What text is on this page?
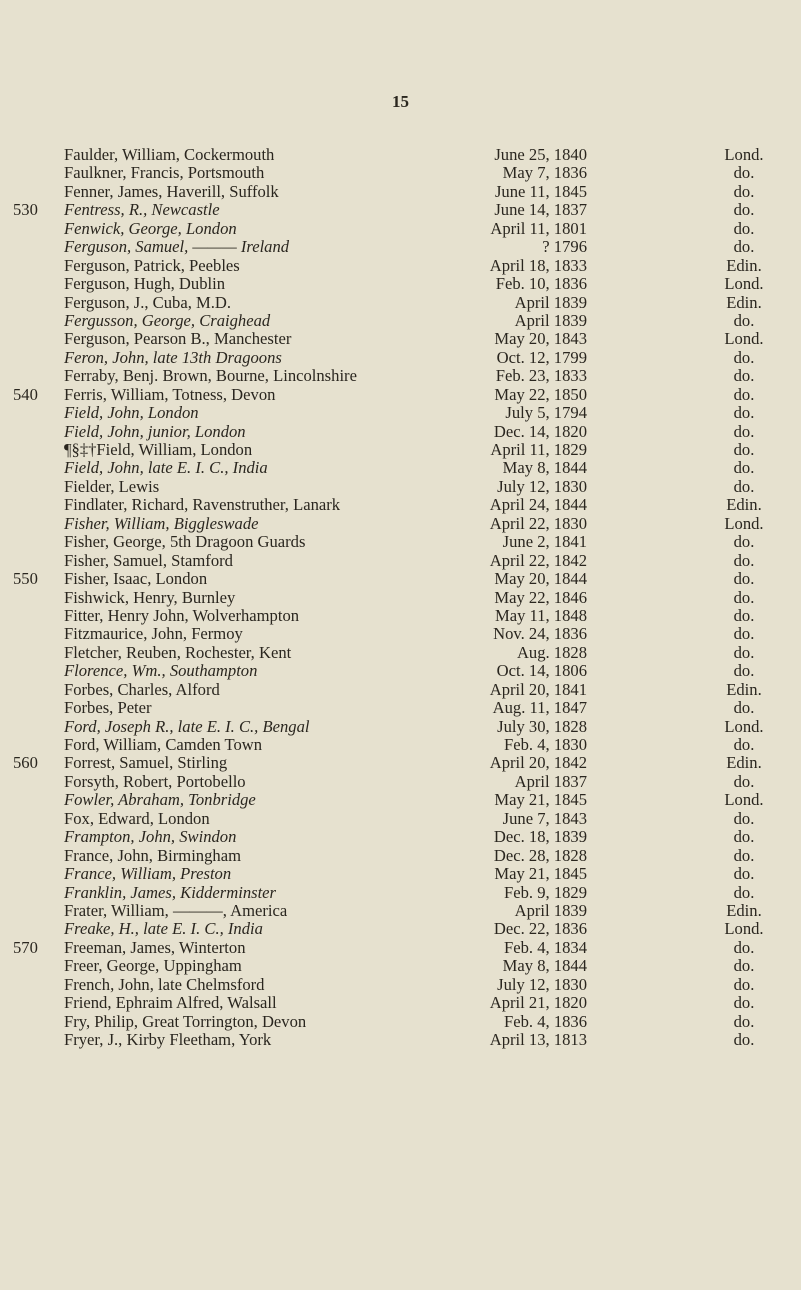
15
Faulder, William, Cockermouth	June 25, 1840	Lond.
Faulkner, Francis, Portsmouth	May 7, 1836	do.
Fenner, James, Haverill, Suffolk	June 11, 1845	do.
530	Fentress, R., Newcastle	June 14, 1837	do.
Fenwick, George, London	April 11, 1801	do.
Ferguson, Samuel, ——— Ireland	? 1796	do.
Ferguson, Patrick, Peebles	April 18, 1833	Edin.
Ferguson, Hugh, Dublin	Feb. 10, 1836	Lond.
Ferguson, J., Cuba, M.D.	April 1839	Edin.
Fergusson, George, Craighead	April 1839	do.
Ferguson, Pearson B., Manchester	May 20, 1843	Lond.
Feron, John, late 13th Dragoons	Oct. 12, 1799	do.
Ferraby, Benj. Brown, Bourne, Lincolnshire	Feb. 23, 1833	do.
540	Ferris, William, Totness, Devon	May 22, 1850	do.
Field, John, London	July 5, 1794	do.
Field, John, junior, London	Dec. 14, 1820	do.
¶§‡†Field, William, London	April 11, 1829	do.
Field, John, late E. I. C., India	May 8, 1844	do.
Fielder, Lewis	July 12, 1830	do.
Findlater, Richard, Ravenstruther, Lanark	April 24, 1844	Edin.
Fisher, William, Biggleswade	April 22, 1830	Lond.
Fisher, George, 5th Dragoon Guards	June 2, 1841	do.
Fisher, Samuel, Stamford	April 22, 1842	do.
550	Fisher, Isaac, London	May 20, 1844	do.
Fishwick, Henry, Burnley	May 22, 1846	do.
Fitter, Henry John, Wolverhampton	May 11, 1848	do.
Fitzmaurice, John, Fermoy	Nov. 24, 1836	do.
Fletcher, Reuben, Rochester, Kent	Aug. 1828	do.
Florence, Wm., Southampton	Oct. 14, 1806	do.
Forbes, Charles, Alford	April 20, 1841	Edin.
Forbes, Peter	Aug. 11, 1847	do.
Ford, Joseph R., late E. I. C., Bengal	July 30, 1828	Lond.
Ford, William, Camden Town	Feb. 4, 1830	do.
560	Forrest, Samuel, Stirling	April 20, 1842	Edin.
Forsyth, Robert, Portobello	April 1837	do.
Fowler, Abraham, Tonbridge	May 21, 1845	Lond.
Fox, Edward, London	June 7, 1843	do.
Frampton, John, Swindon	Dec. 18, 1839	do.
France, John, Birmingham	Dec. 28, 1828	do.
France, William, Preston	May 21, 1845	do.
Franklin, James, Kidderminster	Feb. 9, 1829	do.
Frater, William, ———, America	April 1839	Edin.
Freake, H., late E. I. C., India	Dec. 22, 1836	Lond.
570	Freeman, James, Winterton	Feb. 4, 1834	do.
Freer, George, Uppingham	May 8, 1844	do.
French, John, late Chelmsford	July 12, 1830	do.
Friend, Ephraim Alfred, Walsall	April 21, 1820	do.
Fry, Philip, Great Torrington, Devon	Feb. 4, 1836	do.
Fryer, J., Kirby Fleetham, York	April 13, 1813	do.
